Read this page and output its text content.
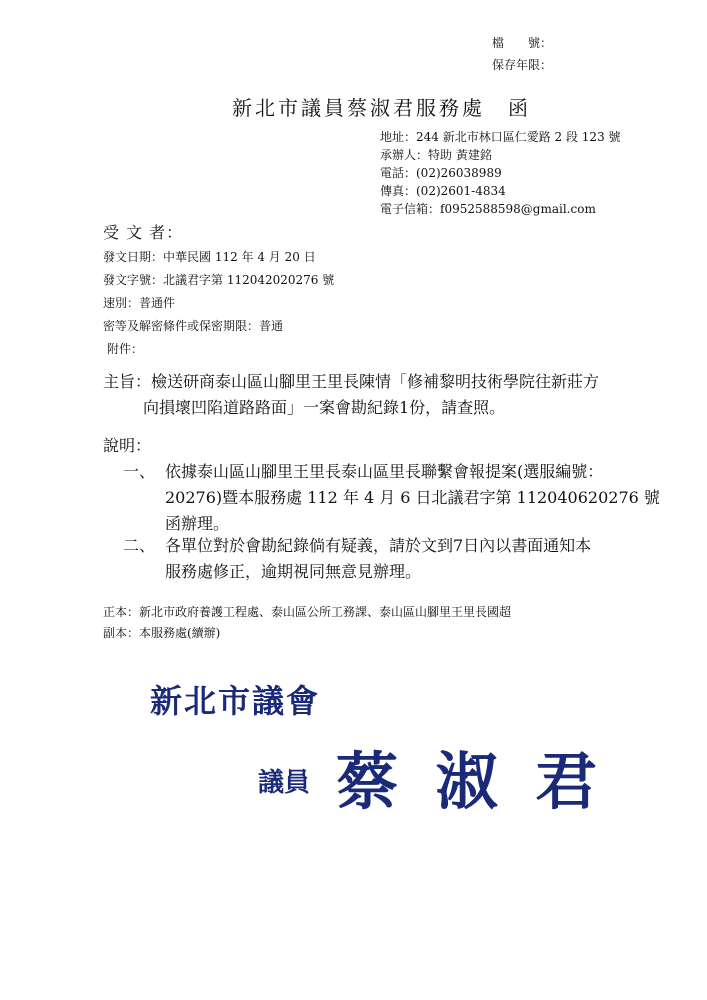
檔　　號：
保存年限：
新北市議員蔡淑君服務處　函
地址：244 新北市林口區仁愛路 2 段 123 號
承辦人：特助 黃建銘
電話：(02)26038989
傳真：(02)2601-4834
電子信箱：f0952588598@gmail.com
受 文 者：
發文日期：中華民國 112 年 4 月 20 日
發文字號：北議君字第 112042020276 號
速別：普通件
密等及解密條件或保密期限：普通
附件：
主旨： 檢送研商泰山區山腳里王里長陳情「修補黎明技術學院往新莊方
向損壞凹陷道路路面」一案會勘紀錄1份，請查照。
說明：
一、 依據泰山區山腳里王里長泰山區里長聯繫會報提案(選服編號：
20276)暨本服務處 112 年 4 月 6 日北議君字第 112040620276 號
函辦理。
二、 各單位對於會勘紀錄倘有疑義，請於文到7日內以書面通知本
服務處修正，逾期視同無意見辦理。
正本：新北市政府養護工程處、泰山區公所工務課、泰山區山腳里王里長國超
副本：本服務處(續辦)
新北市議會
議員 蔡 淑 君
